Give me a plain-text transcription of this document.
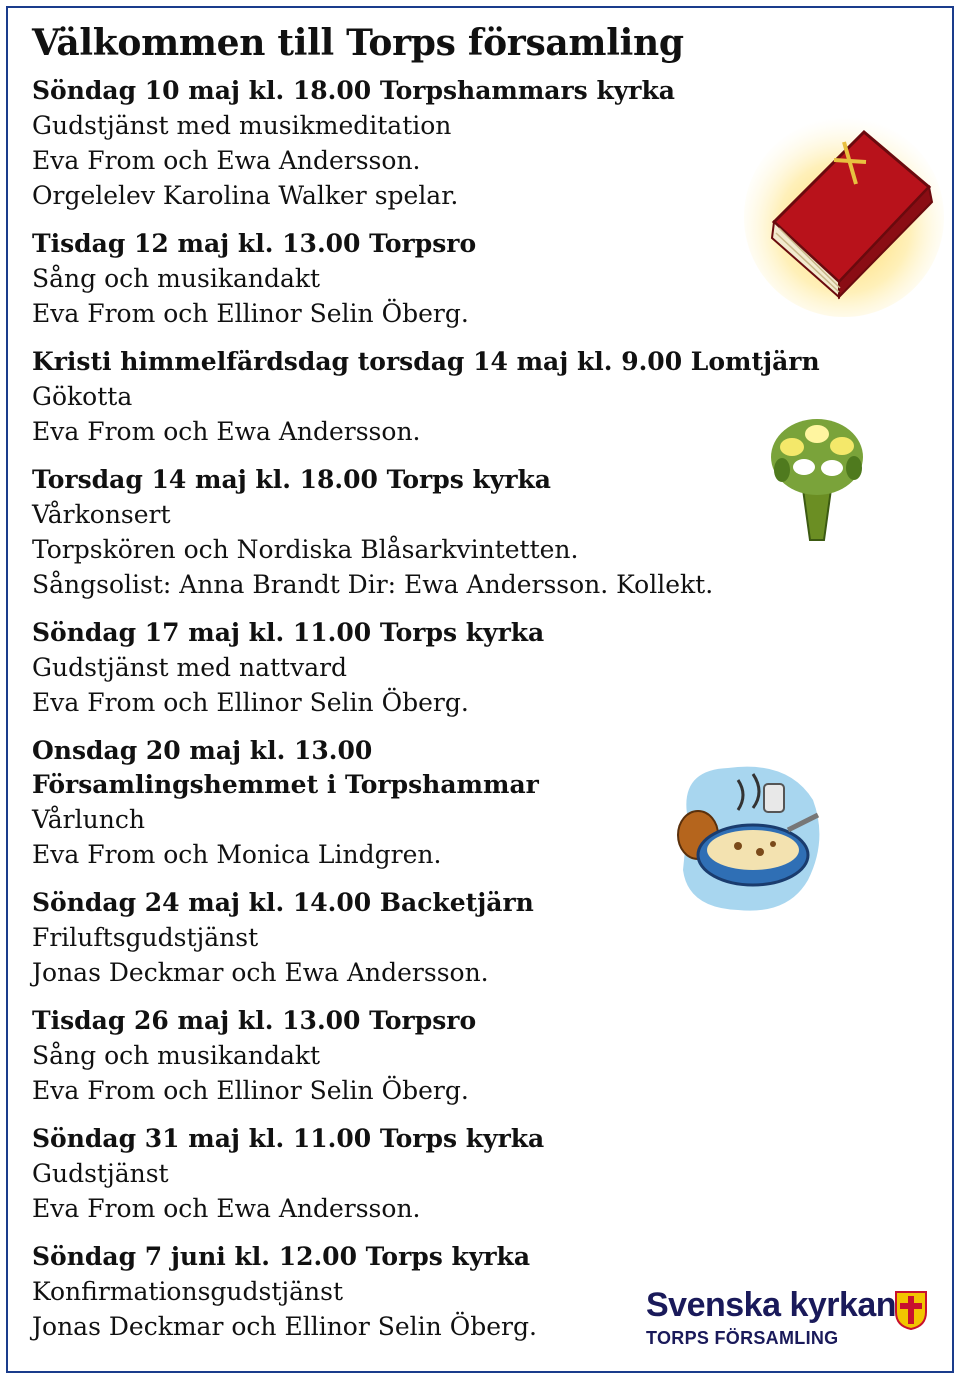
Välkommen till Torps församling
Söndag 10 maj kl. 18.00 Torpshammars kyrka
Gudstjänst med musikmeditation
Eva From och Ewa Andersson.
Orgelelev Karolina Walker spelar.
Tisdag 12 maj kl. 13.00 Torpsro
Sång och musikandakt
Eva From och Ellinor Selin Öberg.
Kristi himmelfärdsdag torsdag 14 maj kl. 9.00 Lomtjärn
Gökotta
Eva From och Ewa Andersson.
Torsdag 14 maj kl. 18.00 Torps kyrka
Vårkonsert
Torpskören och Nordiska Blåsarkvintetten.
Sångsolist: Anna Brandt Dir: Ewa Andersson. Kollekt.
Söndag 17 maj kl. 11.00 Torps kyrka
Gudstjänst med nattvard
Eva From och Ellinor Selin Öberg.
Onsdag 20 maj kl. 13.00
Församlingshemmet i Torpshammar
Vårlunch
Eva From och Monica Lindgren.
Söndag 24 maj kl. 14.00 Backetjärn
Friluftsgudstjänst
Jonas Deckmar och Ewa Andersson.
Tisdag 26 maj kl. 13.00 Torpsro
Sång och musikandakt
Eva From och Ellinor Selin Öberg.
Söndag 31 maj kl. 11.00 Torps kyrka
Gudstjänst
Eva From och Ewa Andersson.
Söndag 7 juni kl. 12.00 Torps kyrka
Konfirmationsgudstjänst
Jonas Deckmar och Ellinor Selin Öberg.
Svenska kyrkan
TORPS FÖRSAMLING
